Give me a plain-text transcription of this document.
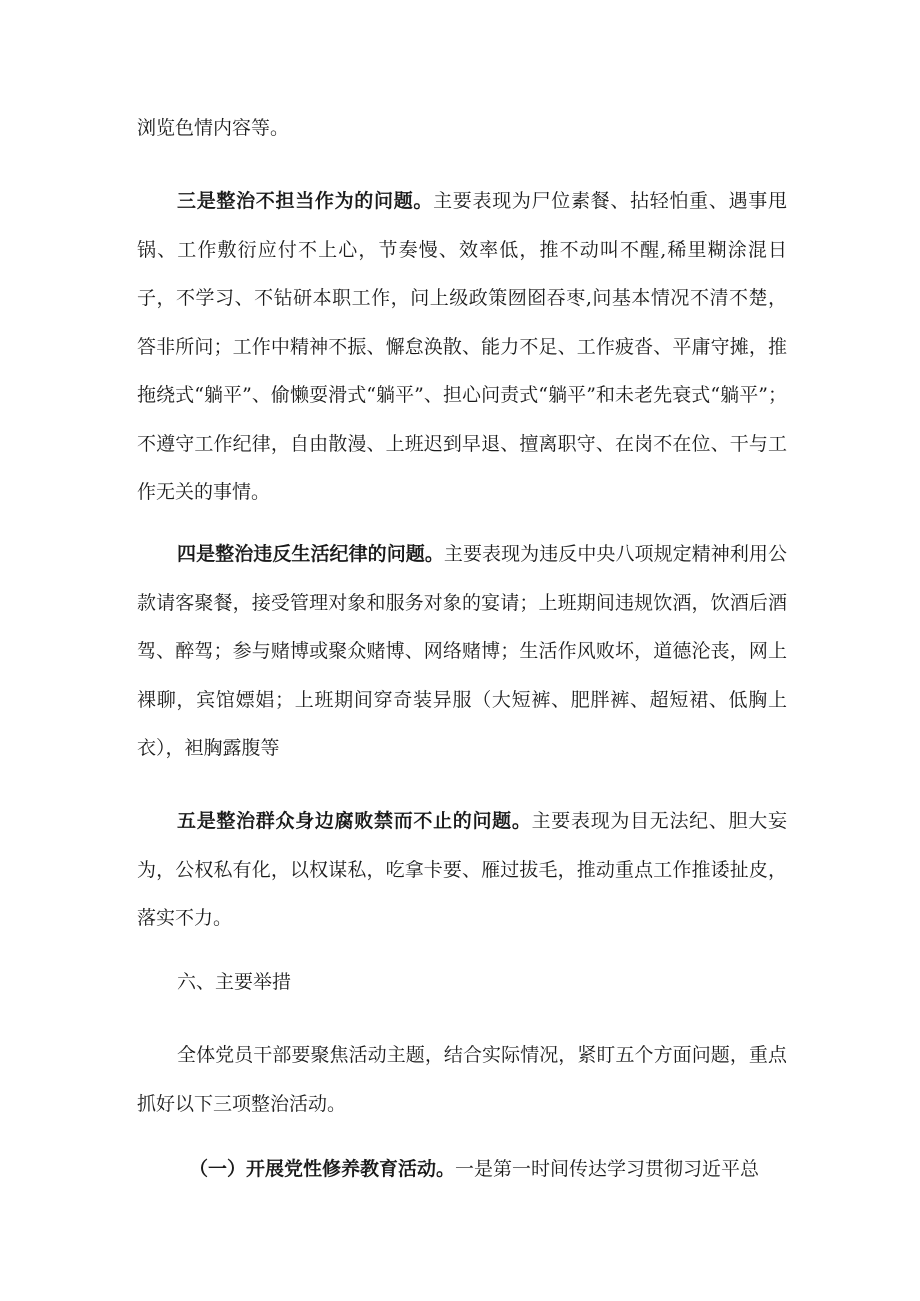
浏览色情内容等。

三是整治不担当作为的问题。主要表现为尸位素餐、拈轻怕重、遇事甩锅、工作敷衍应付不上心，节奏慢、效率低，推不动叫不醒,稀里糊涂混日子，不学习、不钻研本职工作，问上级政策囫囵吞枣,问基本情况不清不楚，答非所问；工作中精神不振、懈怠涣散、能力不足、工作疲沓、平庸守摊，推拖绕式“躺平”、偷懒耍滑式“躺平”、担心问责式“躺平”和未老先衰式“躺平”；不遵守工作纪律，自由散漫、上班迟到早退、擅离职守、在岗不在位、干与工作无关的事情。

四是整治违反生活纪律的问题。主要表现为违反中央八项规定精神利用公款请客聚餐，接受管理对象和服务对象的宴请；上班期间违规饮酒，饮酒后酒驾、醉驾；参与赌博或聚众赌博、网络赌博；生活作风败坏，道德沦丧，网上裸聊，宾馆嫖娼；上班期间穿奇装异服（大短裤、肥胖裤、超短裙、低胸上衣），袒胸露腹等

五是整治群众身边腐败禁而不止的问题。主要表现为目无法纪、胆大妄为，公权私有化，以权谋私，吃拿卡要、雁过拔毛，推动重点工作推诿扯皮，落实不力。

六、主要举措

全体党员干部要聚焦活动主题，结合实际情况，紧盯五个方面问题，重点抓好以下三项整治活动。

（一）开展党性修养教育活动。一是第一时间传达学习贯彻习近平总
